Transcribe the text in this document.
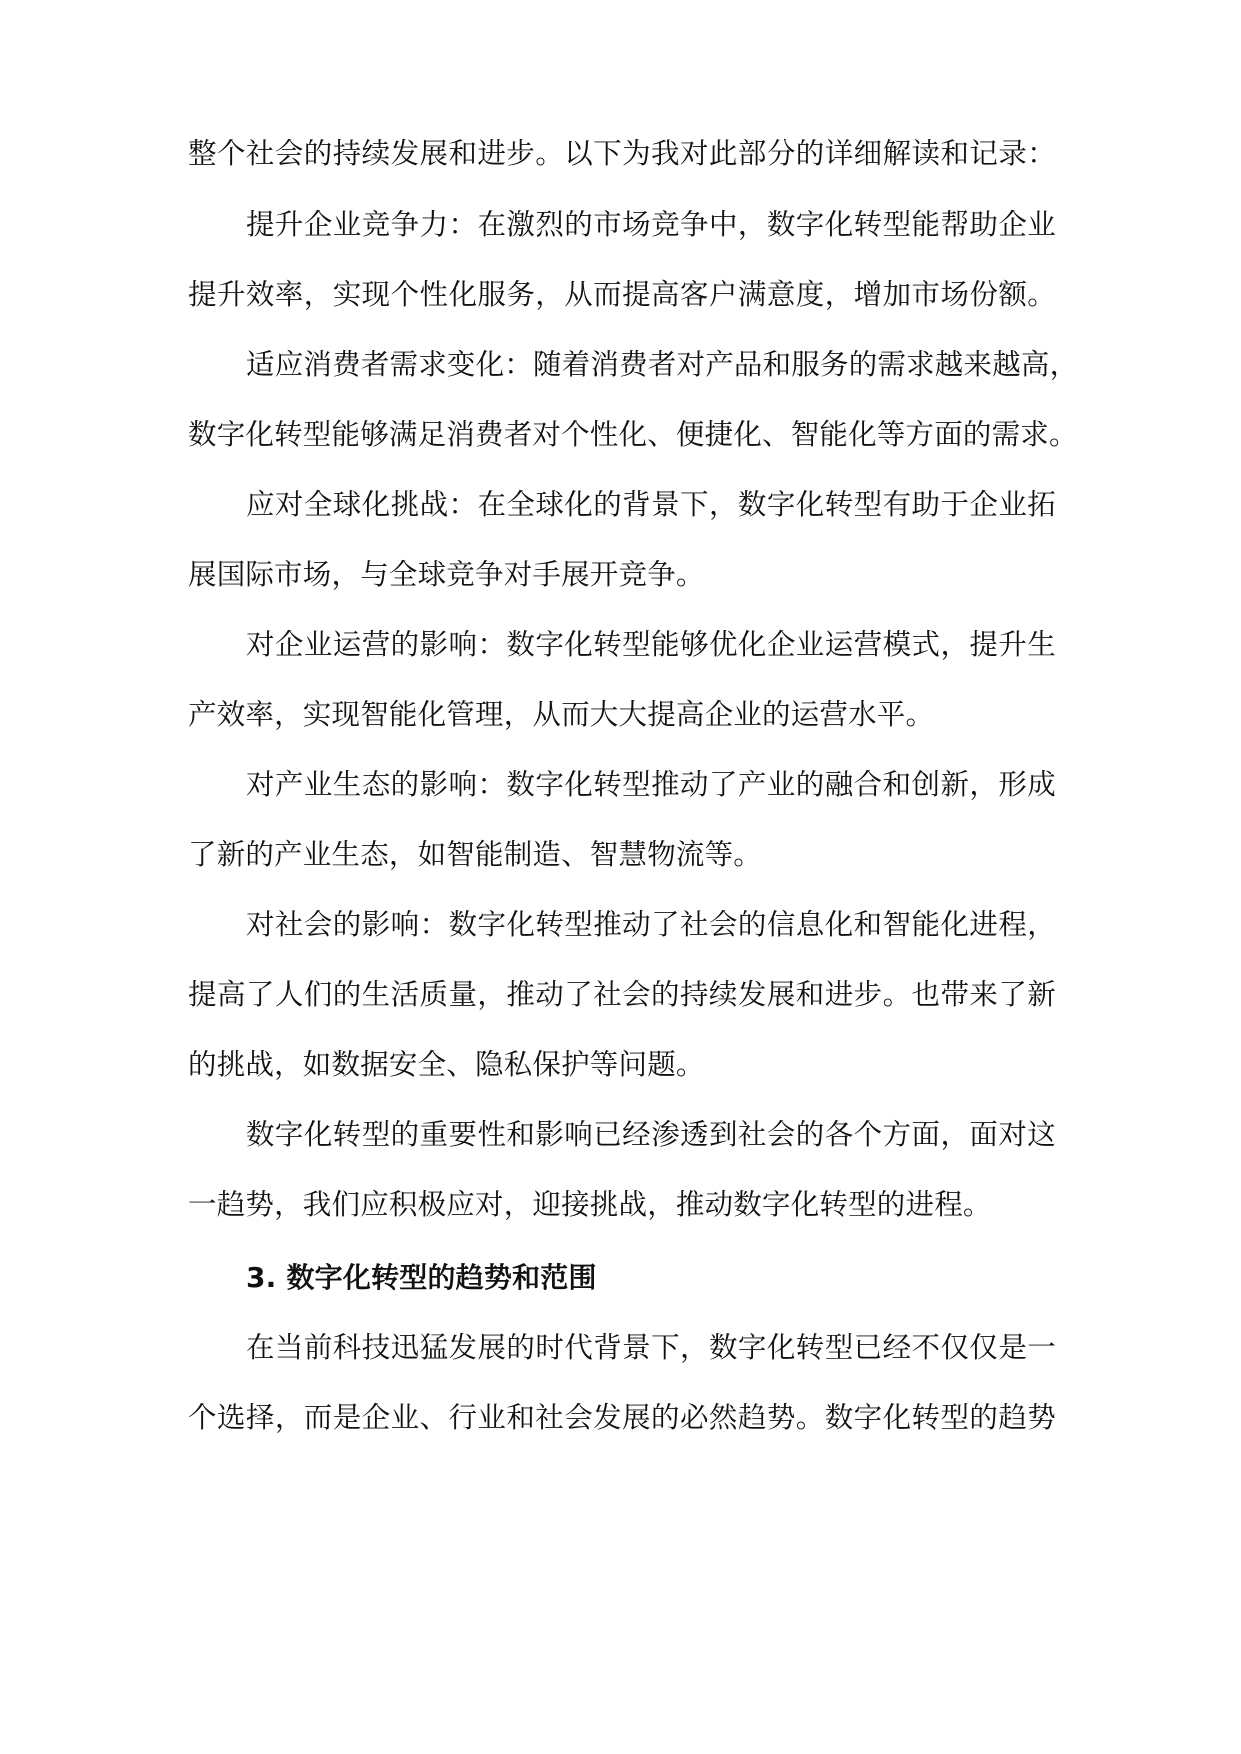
整个社会的持续发展和进步。以下为我对此部分的详细解读和记录：
提升企业竞争力：在激烈的市场竞争中，数字化转型能帮助企业
提升效率，实现个性化服务，从而提高客户满意度，增加市场份额。
适应消费者需求变化：随着消费者对产品和服务的需求越来越高，
数字化转型能够满足消费者对个性化、便捷化、智能化等方面的需求。
应对全球化挑战：在全球化的背景下，数字化转型有助于企业拓
展国际市场，与全球竞争对手展开竞争。
对企业运营的影响：数字化转型能够优化企业运营模式，提升生
产效率，实现智能化管理，从而大大提高企业的运营水平。
对产业生态的影响：数字化转型推动了产业的融合和创新，形成
了新的产业生态，如智能制造、智慧物流等。
对社会的影响：数字化转型推动了社会的信息化和智能化进程，
提高了人们的生活质量，推动了社会的持续发展和进步。也带来了新
的挑战，如数据安全、隐私保护等问题。
数字化转型的重要性和影响已经渗透到社会的各个方面，面对这
一趋势，我们应积极应对，迎接挑战，推动数字化转型的进程。
3. 数字化转型的趋势和范围
在当前科技迅猛发展的时代背景下，数字化转型已经不仅仅是一
个选择，而是企业、行业和社会发展的必然趋势。数字化转型的趋势
